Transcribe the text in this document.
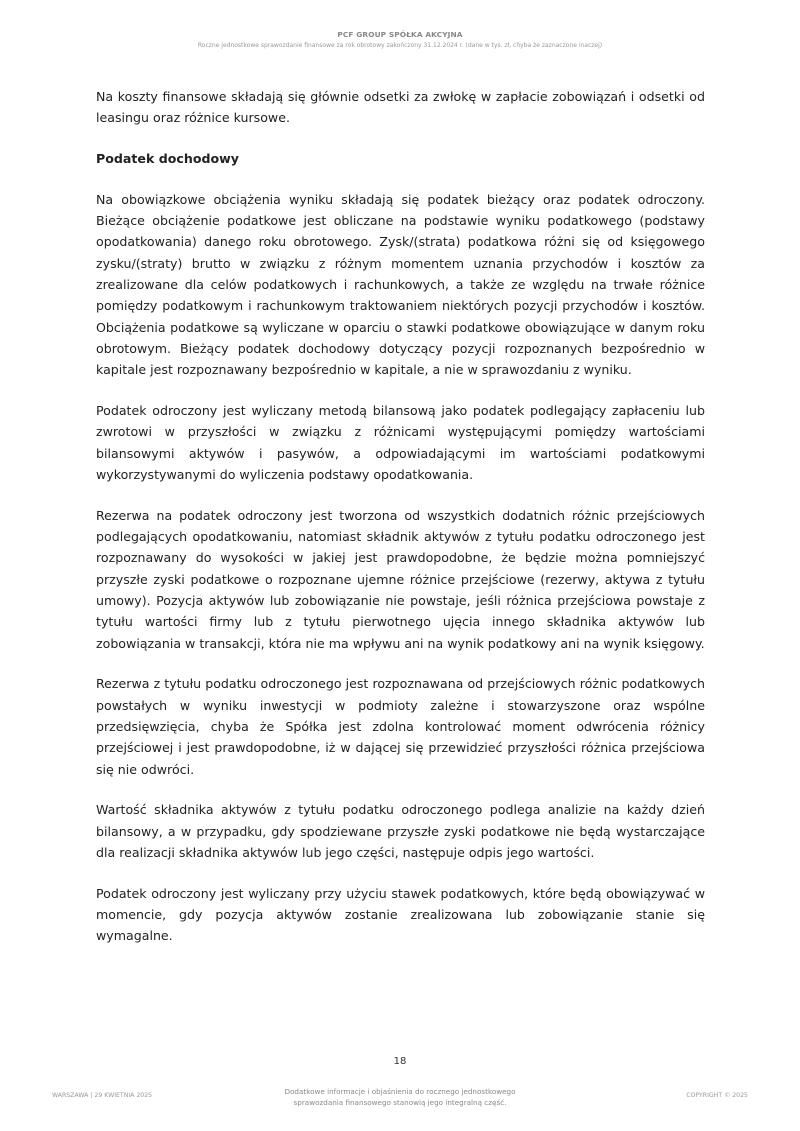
PCF GROUP SPÓŁKA AKCYJNA
Roczne jednostkowe sprawozdanie finansowe za rok obrotowy zakończony 31.12.2024 r. (dane w tys. zł, chyba że zaznaczone inaczej)

Na koszty finansowe składają się głównie odsetki za zwłokę w zapłacie zobowiązań i odsetki od leasingu oraz różnice kursowe.

Podatek dochodowy

Na obowiązkowe obciążenia wyniku składają się podatek bieżący oraz podatek odroczony. Bieżące obciążenie podatkowe jest obliczane na podstawie wyniku podatkowego (podstawy opodatkowania) danego roku obrotowego. Zysk/(strata) podatkowa różni się od księgowego zysku/(straty) brutto w związku z różnym momentem uznania przychodów i kosztów za zrealizowane dla celów podatkowych i rachunkowych, a także ze względu na trwałe różnice pomiędzy podatkowym i rachunkowym traktowaniem niektórych pozycji przychodów i kosztów. Obciążenia podatkowe są wyliczane w oparciu o stawki podatkowe obowiązujące w danym roku obrotowym. Bieżący podatek dochodowy dotyczący pozycji rozpoznanych bezpośrednio w kapitale jest rozpoznawany bezpośrednio w kapitale, a nie w sprawozdaniu z wyniku.

Podatek odroczony jest wyliczany metodą bilansową jako podatek podlegający zapłaceniu lub zwrotowi w przyszłości w związku z różnicami występującymi pomiędzy wartościami bilansowymi aktywów i pasywów, a odpowiadającymi im wartościami podatkowymi wykorzystywanymi do wyliczenia podstawy opodatkowania.

Rezerwa na podatek odroczony jest tworzona od wszystkich dodatnich różnic przejściowych podlegających opodatkowaniu, natomiast składnik aktywów z tytułu podatku odroczonego jest rozpoznawany do wysokości w jakiej jest prawdopodobne, że będzie można pomniejszyć przyszłe zyski podatkowe o rozpoznane ujemne różnice przejściowe (rezerwy, aktywa z tytułu umowy). Pozycja aktywów lub zobowiązanie nie powstaje, jeśli różnica przejściowa powstaje z tytułu wartości firmy lub z tytułu pierwotnego ujęcia innego składnika aktywów lub zobowiązania w transakcji, która nie ma wpływu ani na wynik podatkowy ani na wynik księgowy.

Rezerwa z tytułu podatku odroczonego jest rozpoznawana od przejściowych różnic podatkowych powstałych w wyniku inwestycji w podmioty zależne i stowarzyszone oraz wspólne przedsięwzięcia, chyba że Spółka jest zdolna kontrolować moment odwrócenia różnicy przejściowej i jest prawdopodobne, iż w dającej się przewidzieć przyszłości różnica przejściowa się nie odwróci.

Wartość składnika aktywów z tytułu podatku odroczonego podlega analizie na każdy dzień bilansowy, a w przypadku, gdy spodziewane przyszłe zyski podatkowe nie będą wystarczające dla realizacji składnika aktywów lub jego części, następuje odpis jego wartości.

Podatek odroczony jest wyliczany przy użyciu stawek podatkowych, które będą obowiązywać w momencie, gdy pozycja aktywów zostanie zrealizowana lub zobowiązanie stanie się wymagalne.

18
WARSZAWA | 29 KWIETNIA 2025	Dodatkowe informacje i objaśnienia do rocznego jednostkowego
sprawozdania finansowego stanowią jego integralną część.
COPYRIGHT © 2025
